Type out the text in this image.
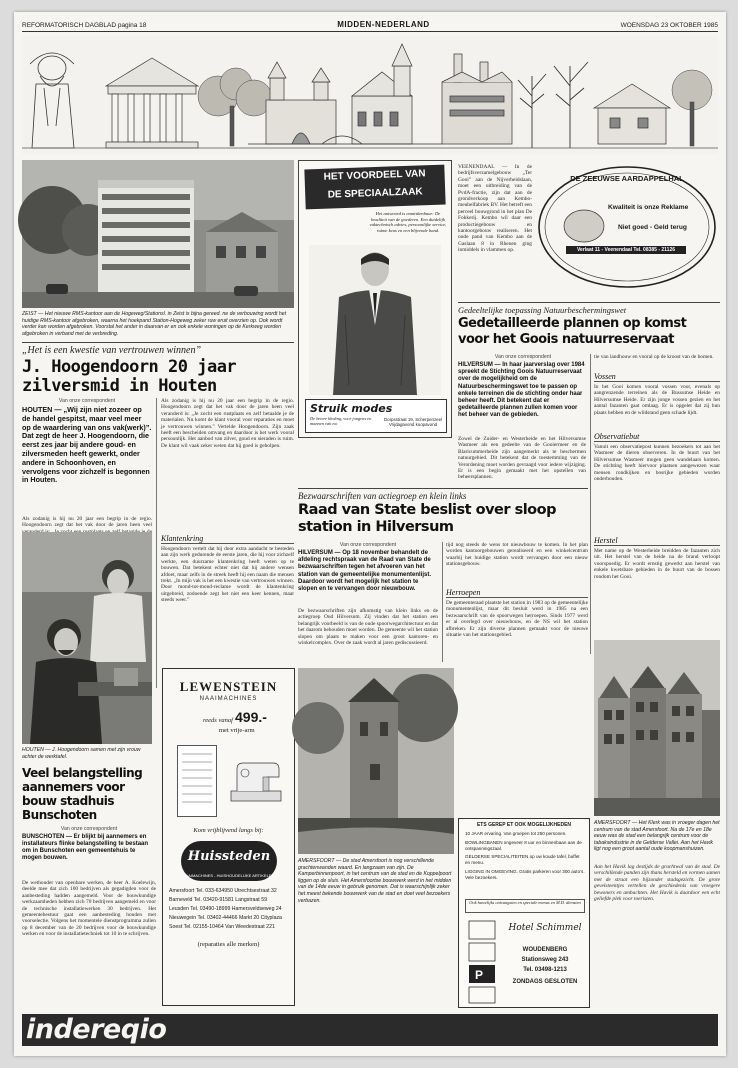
REFORMATORISCH DAGBLAD pagina 18	MIDDEN-NEDERLAND	WOENSDAG 23 OKTOBER 1985
ZEIST — Het nieuwe RMS-kantoor aan de Hogeweg/Stationsl. in Zeist is bijna gereed. ne de verbouwing wordt het huidige RMS-kantoor afgebroken, waarna het hoekpand Station-Hogeweg zeker ruw eruit overzien op. Ook wordt verder kan worden afgebroken. Voorstal het ander in daarvan er en ook enkele woningen op de Kerkweg worden afgebroken in verband met de verbreding.
„Het is een kwestie van vertrouwen winnen”
J. Hoogendoorn 20 jaar zilversmid in Houten
Van onze correspondent
HOUTEN — „Wij zijn niet zozeer op de handel gespitst, maar veel meer op de waardering van ons vak(werk)”. Dat zegt de heer J. Hoogendoorn, die eerst zes jaar bij andere goud- en zilversmeden heeft gewerkt, onder andere in Schoonhoven, en vervolgens voor zichzelf is begonnen in Houten.
Als zodanig is hij nu 20 jaar een begrip in de regio. Hoogendoorn zegt dat het vak door de jaren heen veel
Als zodanig is hij nu 20 jaar een begrip in de regio. Hoogendoorn zegt dat het vak door de jaren heen veel veranderd is: „Je zocht een rustplaats en zelf betaalde je de materialen. Nu komt de klant vooral voor reparaties en moet je vertrouwen winnen.” Vertelde Hoogendoorn. Zijn zaak heeft een bescheiden omvang en daardoor is het werk vooral persoonlijk. Het aanbod van zilver, goud en sieraden is ruim. De klant wil vaak zeker weten dat hij goed is geholpen.
Klantenkring
Hoogendoorn vertelt dat hij door extra aandacht te besteden aan zijn werk gedurende de eerste jaren, die hij voor zichzelf werkte, een duurzame klantenkring heeft weten op te bouwen. Dat betekent echter niet dat hij andere wensen afdoet, maar zelfs in de streek heeft hij een naam die mensen trekt. „In mijn vak is het een kwestie van vertrouwen winnen. Door mond-tot-mond-reclame wordt de klantenkring uitgebreid, zodoende zegt het niet een keer kennen, maar steeds weer.”
HOUTEN — J. Hoogendoorn samen met zijn vrouw achter de werktafel.
Veel belangstelling aannemers voor bouw stadhuis Bunschoten
Van onze correspondent
BUNSCHOTEN — Er blijkt bij aannemers en installateurs flinke belangstelling te bestaan om in Bunschoten een gemeentehuis te mogen bouwen.
De wethouder van openbare werken, de heer A. Koelewijn, deelde mee dat zich 100 bedrijven als gegadigden voor de aanbesteding hadden aangemeld. Voor de bouwkundige werkzaamheden hebben zich 70 bedrijven aangemeld en voor de technische installatiewerken 30 bedrijven. Het gemeentebestuur gaat een aanbesteding houden met voorselectie. Volgens het momentele dienstprogramma zullen op 8 december van de 20 bedrijven voor de bouwkundige werken en voor de installatietechniek tot 10 in te schrijven.
LEWENSTEIN
NAAIMACHINES
reeds vanaf 499.-
met vrije-arm
Kom vrijblijvend langs bij:
Huissteden
NAAIMACHINES - HUISHOUDELIJKE ARTIKELEN
Amersfoort Tel. 033-634950 Utrechtsestraat 32
Barneveld Tel. 03420-91581 Langstraat 59
Leusden Tel. 03490-18999 Hamersveldseweg 24
Nieuwegein Tel. 03402-44466 Markt 20 Cityplaza
Soest Tel. 02155-10464 Van Weedestraat 221
(reparaties alle merken)
HET VOORDEEL VAN
DE SPECIAALZAAK
Het antwoord is onmiskenbaar: De kwaliteit van de goederen. Een duidelijk vaktechnisch advies, persoonlijke service, ruime keus en een blijvende band.
Struik modes
De betere kleding, voor jongens en mannen van nu
Dorpsstraat 19, Scherpenzeel
Vrijdagavond koopavond
VEENENDAAL — In de bedrijfsverzamelgebouw „Ter Gooi” aan de Nijverheidslaan, moet een uitbreiding van de PvdA-fractie, zijn dat aan de grondverkoop aan Kembo-meubelfabriek BV. Het betreft een perceel bouwgrond in het plan De Fokkerij. Kembo wil daar een productiegebouw en kantoorgebouw realiseren. Het oude pand van Kembo aan de Gaslaan 8 in Rhenen ging inmiddels in vlammen op.
DE ZEEUWSE AARDAPPELHAL
Kwaliteit is onze Reklame
Niet goed - Geld terug
Verlaat 11 - Veenendaal Tel. 08385 - 21126
Gedeeltelijke toepassing Natuurbeschermingswet
Gedetailleerde plannen op komst voor het Goois natuurreservaat
Van onze correspondent
HILVERSUM — In haar jaarverslag over 1984 spreekt de Stichting Goois Natuurreservaat over de mogelijkheid om de Natuurbeschermingswet toe te passen op enkele terreinen die de stichting onder haar beheer heeft. Dit betekent dat er gedetailleerde plannen zullen komen voor het beheer van de gebieden.
Zowel de Zuider- en Westerheide en het Hilversumse Wasmeer als een gedeelte van de Gooiermeer en de Blaricummerheide zijn aangemerkt als te beschermen natuurgebied. Dit betekent dat de toestemming van de Verordening moet worden gevraagd voor iedere wijziging. Er is een begin gemaakt met het opstellen van beheersplannen.
tie van landhouw en vooral op de kroost van de bomen.
Vossen
In het Gooi komen vooral vossen voor, evenals op aangrenzende terreinen als de Bussumse Heide en Hilversumse Heide. Er zijn jonge vossen gezien en het aantal fazanten gaat omlaag. Er is opgelet dat zij hun plaats hebben en de wildstand geen schade lijdt.
Observatiebut
Vanuit een observatiepost kunnen bezoekers tot aan het Wasmeer de dieren observeren. In de buurt van het Hilversumse Wasmeer mogen geen wandelaars komen. De stichting heeft hiervoor plaatsen aangewezen waar mensen rondkijken en bosrijke gebieden worden onderhouden.
Herstel
Met name op de Westerheide breidden de fazanten zich uit. Het herstel van de heide na de brand verloopt voorspoedig. Er wordt ernstig gewerkt aan herstel van enkele kwetsbare gebieden in de buurt van de bossen rondom het Gooi.
Bezwaarschriften van actiegroep en klein links
Raad van State beslist over sloop station in Hilversum
Van onze correspondent
HILVERSUM — Op 18 november behandelt de afdeling rechtspraak van de Raad van State de bezwaarschriften tegen het afvoeren van het station van de gemeentelijke monumentenlijst. Daardoor wordt het mogelijk het station te slopen en te vervangen door nieuwbouw.
De bezwaarschriften zijn afkomstig van klein links en de actiegroep Oud Hilversum. Zij vinden dat het station een belangrijk voorbeeld is van de oude spoorwegarchitectuur en dat het daarom behouden moet worden. De gemeente wil het station slopen om plaats te maken voor een groot kantoren- en winkelcomplex. Over de zaak wordt al jaren gediscussieerd.
tijd nog steeds de wens tot nieuwbouw te komen. In het plan worden kantoorgebouwen gerealiseerd en een winkelcentrum waarbij het huidige station wordt vervangen door een nieuw stationsgebouw.
Herroepen
De gemeenteraad plaatste het station in 1983 op de gemeentelijke monumentenlijst, maar dit besluit werd in 1985 na een bezwaarschrift van de spoorwegen herroepen. Sinds 1977 werd er al overlegd over nieuwbouw, en de NS wil het station afbreken. Er zijn diverse plannen gemaakt voor de nieuwe situatie van het stationsgebied.
AMERSFOORT — De stad Amersfoort is nog verschillende grachtenwanden waard. En langzaam van zijn. De Kamperbinnenpoort, in het centrum van de stad en de Koppelpoort liggen op de sluis. Het Amersfoortse bouwwerk werd in het midden van de 14de eeuw in gebruik genomen. Dat is waarschijnlijk zeker het meest bekende bouwwerk van de stad en doet veel bezoekers verbazen.
ETS GEREP ET OOK MOGELIJKHEDEN
10 JAAR ervaring. Van groepen tot 250 personen.
BOWLINGBANEN ongeveer 8 uur en binnenbaan aan de ontspanningszaal.
GELDERSE SPECIALITEITEN op uw koude tafel, buffet en menu.
LIGGING IN OMGEVING. Gratis parkeren voor 300 auto's. Vele bezoekers.
Ook huwelijks ontvangsten en speciale menus en M.D. diensten
P
Hotel Schimmel
WOUDENBERG
Stationsweg 243
Tel. 03498-1213
ZONDAGS GESLOTEN
AMERSFOORT — Het Klerk was in vroeger dagen het centrum van de stad Amersfoort. Na de 17e en 18e eeuw was de stad een belangrijk centrum voor de tabaksindustrie in de Gelderse Vallei. Aan het Havik ligt nog een groot aantal oude koopmanshuizen.
Aan het Havik lag destijds de grachtwal van de stad. De verschillende panden zijn thans hersteld en vormen samen met de straat een bijzonder stadsgezicht. De grote gevelsteentjes vertellen de geschiedenis van vroegere bewoners en ambachten. Het Havik is daardoor een echt geliefde plek voor toeristen.
indereqio
